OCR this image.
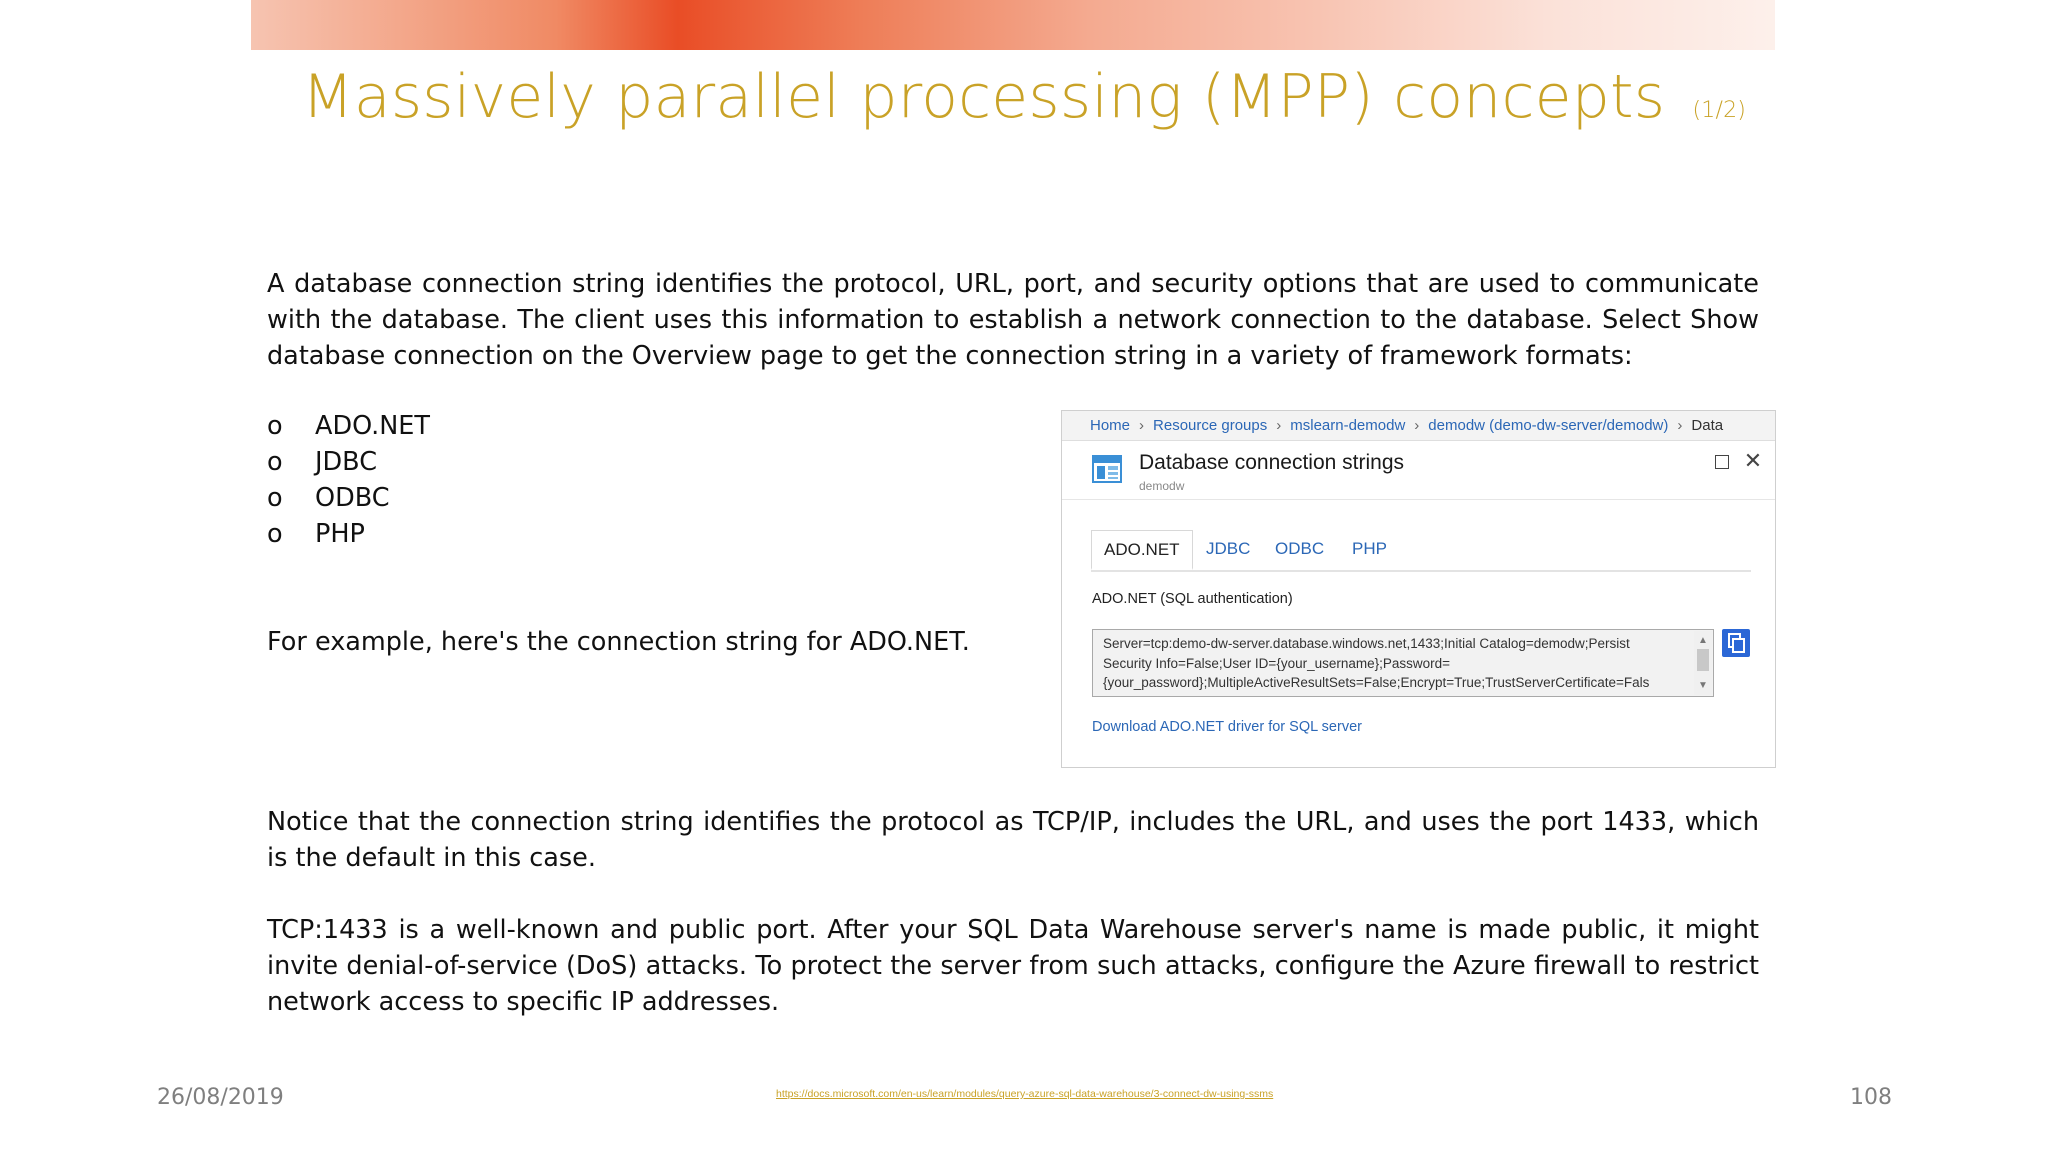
Massively parallel processing (MPP) concepts (1/2)
A database connection string identifies the protocol, URL, port, and security options that are used to communicate with the database. The client uses this information to establish a network connection to the database. Select Show database connection on the Overview page to get the connection string in a variety of framework formats:
o	ADO.NET
o	JDBC
o	ODBC
o	PHP
For example, here's the connection string for ADO.NET.
Home › Resource groups › mslearn-demodw › demodw (demo-dw-server/demodw) › Data
Database connection strings
demodw
✕
ADO.NET	JDBC ODBC PHP
ADO.NET (SQL authentication)
Server=tcp:demo-dw-server.database.windows.net,1433;Initial Catalog=demodw;Persist
Security Info=False;User ID={your_username};Password=
{your_password};MultipleActiveResultSets=False;Encrypt=True;TrustServerCertificate=Fals
▲
▼
Download ADO.NET driver for SQL server
Notice that the connection string identifies the protocol as TCP/IP, includes the URL, and uses the port 1433, which is the default in this case.
TCP:1433 is a well-known and public port. After your SQL Data Warehouse server's name is made public, it might invite denial-of-service (DoS) attacks. To protect the server from such attacks, configure the Azure firewall to restrict network access to specific IP addresses.
26/08/2019	https://docs.microsoft.com/en-us/learn/modules/query-azure-sql-data-warehouse/3-connect-dw-using-ssms	108
